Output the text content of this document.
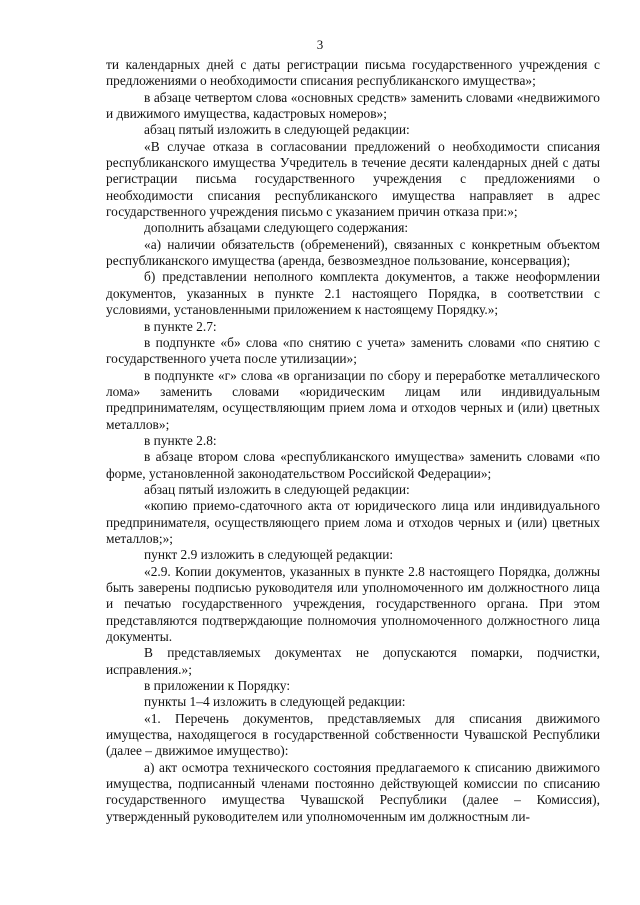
3

ти календарных дней с даты регистрации письма государственного учреждения с предложениями о необходимости списания республиканского имущества»;

в абзаце четвертом слова «основных средств» заменить словами «недвижимого и движимого имущества, кадастровых номеров»;

абзац пятый изложить в следующей редакции:

«В случае отказа в согласовании предложений о необходимости списания республиканского имущества Учредитель в течение десяти календарных дней с даты регистрации письма государственного учреждения с предложениями о необходимости списания республиканского имущества направляет в адрес государственного учреждения письмо с указанием причин отказа при:»;

дополнить абзацами следующего содержания:

«а) наличии обязательств (обременений), связанных с конкретным объектом республиканского имущества (аренда, безвозмездное пользование, консервация);

б) представлении неполного комплекта документов, а также неоформлении документов, указанных в пункте 2.1 настоящего Порядка, в соответствии с условиями, установленными приложением к настоящему Порядку.»;

в пункте 2.7:

в подпункте «б» слова «по снятию с учета» заменить словами «по снятию с государственного учета после утилизации»;

в подпункте «г» слова «в организации по сбору и переработке металлического лома» заменить словами «юридическим лицам или индивидуальным предпринимателям, осуществляющим прием лома и отходов черных и (или) цветных металлов»;

в пункте 2.8:

в абзаце втором слова «республиканского имущества» заменить словами «по форме, установленной законодательством Российской Федерации»;

абзац пятый изложить в следующей редакции:

«копию приемо-сдаточного акта от юридического лица или индивидуального предпринимателя, осуществляющего прием лома и отходов черных и (или) цветных металлов;»;

пункт 2.9 изложить в следующей редакции:

«2.9. Копии документов, указанных в пункте 2.8 настоящего Порядка, должны быть заверены подписью руководителя или уполномоченного им должностного лица и печатью государственного учреждения, государственного органа. При этом представляются подтверждающие полномочия уполномоченного должностного лица документы.

В представляемых документах не допускаются помарки, подчистки, исправления.»;

в приложении к Порядку:

пункты 1–4 изложить в следующей редакции:

«1. Перечень документов, представляемых для списания движимого имущества, находящегося в государственной собственности Чувашской Республики (далее – движимое имущество):

а) акт осмотра технического состояния предлагаемого к списанию движимого имущества, подписанный членами постоянно действующей комиссии по списанию государственного имущества Чувашской Республики (далее – Комиссия), утвержденный руководителем или уполномоченным им должностным ли-
